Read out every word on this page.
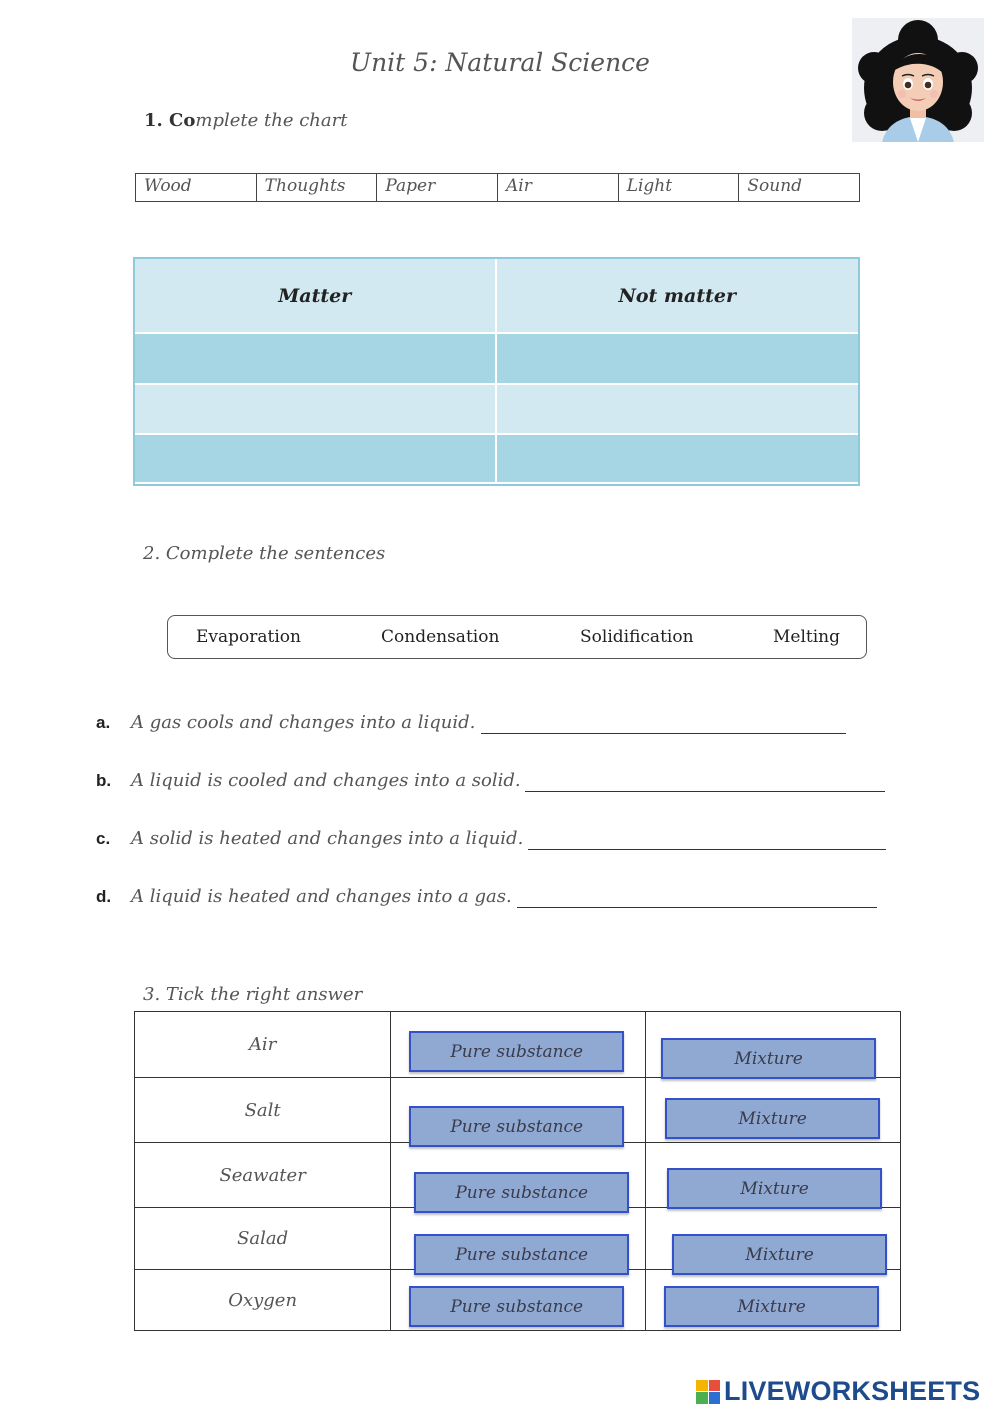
Unit 5: Natural Science
1. Complete the chart
Wood	Thoughts	Paper	Air	Light	Sound
Matter	Not matter
2. Complete the sentences
Evaporation	Condensation	Solidification	Melting
a.	A gas cools and changes into a liquid.
b.	A liquid is cooled and changes into a solid.
c.	A solid is heated and changes into a liquid.
d.	A liquid is heated and changes into a gas.
3. Tick the right answer
Air	Pure substance	Mixture

Salt	Pure substance	Mixture

Seawater	Pure substance	Mixture

Salad	Pure substance	Mixture

Oxygen	Pure substance	Mixture
LIVEWORKSHEETS
